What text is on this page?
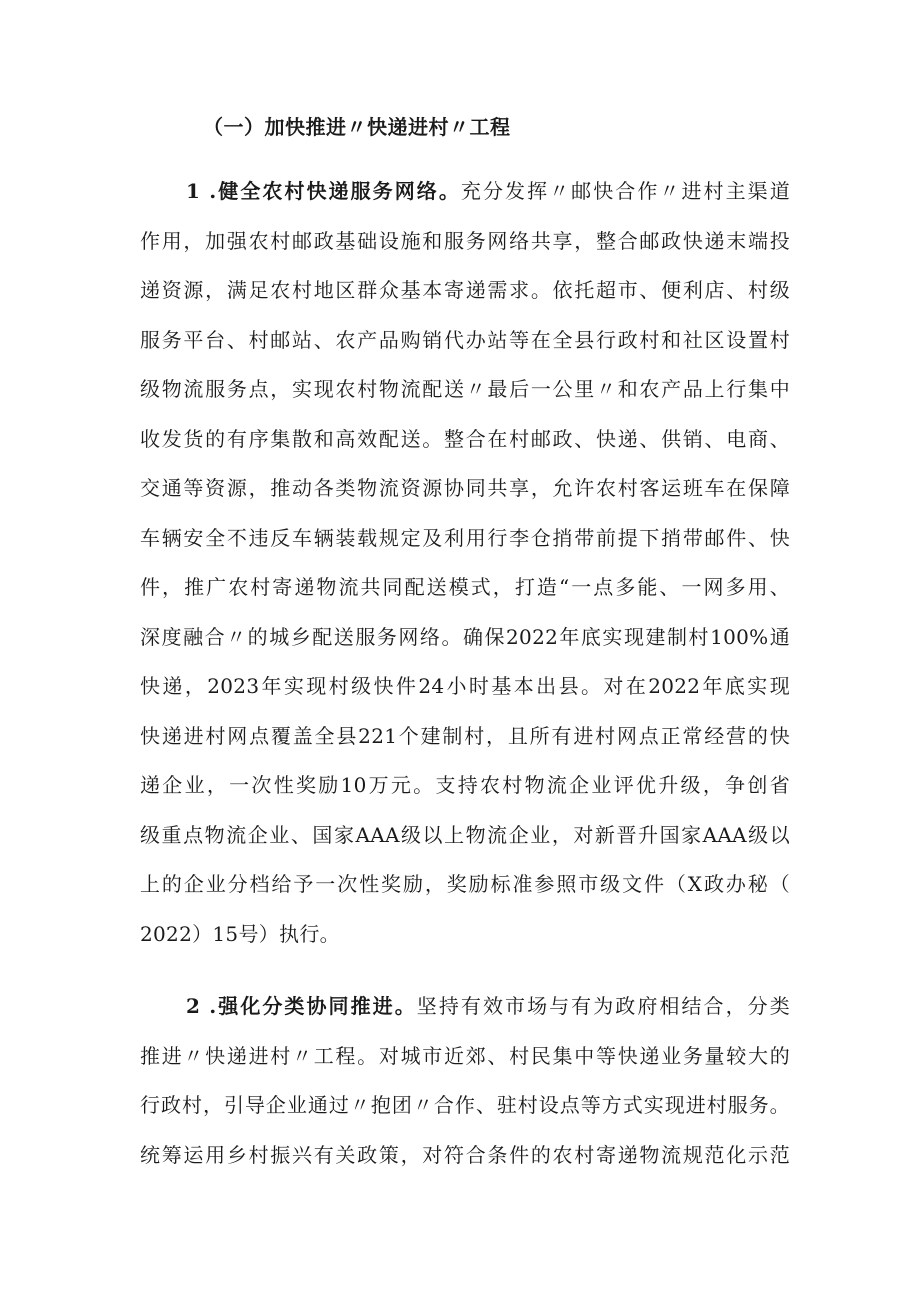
（一）加快推进〃快递进村〃工程
1 .健全农村快递服务网络。充分发挥〃邮快合作〃进村主渠道
作用，加强农村邮政基础设施和服务网络共享，整合邮政快递末端投
递资源，满足农村地区群众基本寄递需求。依托超市、便利店、村级
服务平台、村邮站、农产品购销代办站等在全县行政村和社区设置村
级物流服务点，实现农村物流配送〃最后一公里〃和农产品上行集中
收发货的有序集散和高效配送。整合在村邮政、快递、供销、电商、
交通等资源，推动各类物流资源协同共享，允许农村客运班车在保障
车辆安全不违反车辆装载规定及利用行李仓捎带前提下捎带邮件、快
件，推广农村寄递物流共同配送模式，打造“一点多能、一网多用、
深度融合〃的城乡配送服务网络。确保2022年底实现建制村100%通
快递，2023年实现村级快件24小时基本出县。对在2022年底实现
快递进村网点覆盖全县221个建制村，且所有进村网点正常经营的快
递企业，一次性奖励10万元。支持农村物流企业评优升级，争创省
级重点物流企业、国家AAA级以上物流企业，对新晋升国家AAA级以
上的企业分档给予一次性奖励，奖励标准参照市级文件（X政办秘（
2022）15号）执行。
2 .强化分类协同推进。坚持有效市场与有为政府相结合，分类
推进〃快递进村〃工程。对城市近郊、村民集中等快递业务量较大的
行政村，引导企业通过〃抱团〃合作、驻村设点等方式实现进村服务。
统筹运用乡村振兴有关政策，对符合条件的农村寄递物流规范化示范
